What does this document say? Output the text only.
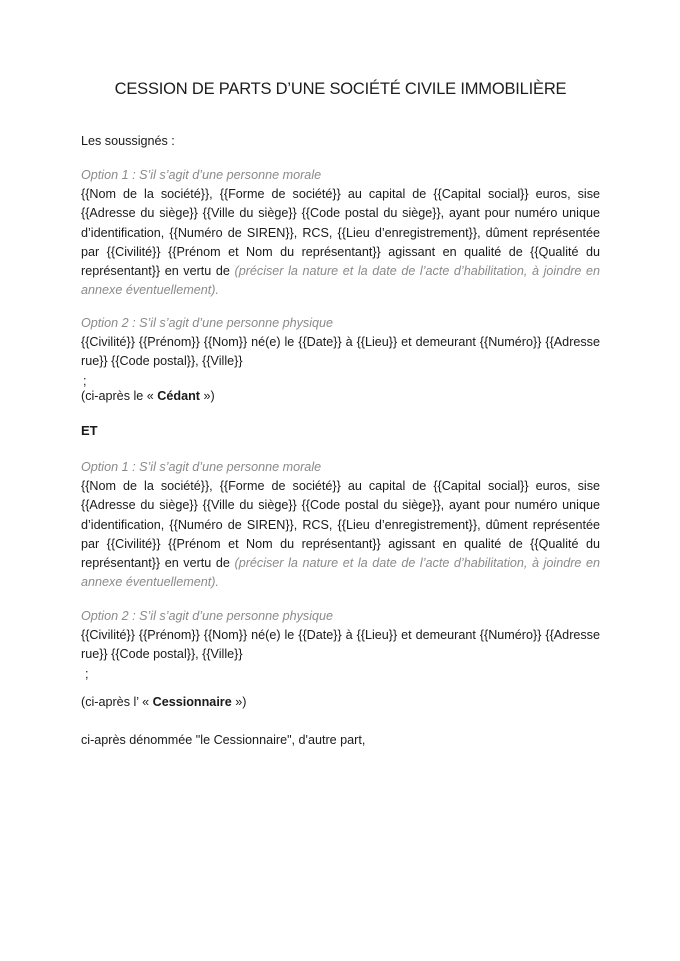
CESSION DE PARTS D’UNE SOCIÉTÉ CIVILE IMMOBILIÈRE
Les soussignés :
Option 1 : S’il s’agit d’une personne morale

{{Nom de la société}}, {{Forme de société}} au capital de {{Capital social}} euros, sise {{Adresse du siège}} {{Ville du siège}} {{Code postal du siège}}, ayant pour numéro unique d’identification, {{Numéro de SIREN}}, RCS, {{Lieu d’enregistrement}}, dûment représentée par {{Civilité}} {{Prénom et Nom du représentant}} agissant en qualité de {{Qualité du représentant}} en vertu de (préciser la nature et la date de l’acte d’habilitation, à joindre en annexe éventuellement).

Option 2 : S’il s’agit d’une personne physique

{{Civilité}} {{Prénom}} {{Nom}} né(e) le {{Date}} à {{Lieu}} et demeurant {{Numéro}} {{Adresse rue}} {{Code postal}}, {{Ville}}

;
(ci-après le « Cédant »)
ET
Option 1 : S’il s’agit d’une personne morale

{{Nom de la société}}, {{Forme de société}} au capital de {{Capital social}} euros, sise {{Adresse du siège}} {{Ville du siège}} {{Code postal du siège}}, ayant pour numéro unique d’identification, {{Numéro de SIREN}}, RCS, {{Lieu d’enregistrement}}, dûment représentée par {{Civilité}} {{Prénom et Nom du représentant}} agissant en qualité de {{Qualité du représentant}} en vertu de (préciser la nature et la date de l’acte d’habilitation, à joindre en annexe éventuellement).

Option 2 : S’il s’agit d’une personne physique

{{Civilité}} {{Prénom}} {{Nom}} né(e) le {{Date}} à {{Lieu}} et demeurant {{Numéro}} {{Adresse rue}} {{Code postal}}, {{Ville}}

;
(ci-après l’ « Cessionnaire »)
ci-après dénommée "le Cessionnaire", d'autre part,
